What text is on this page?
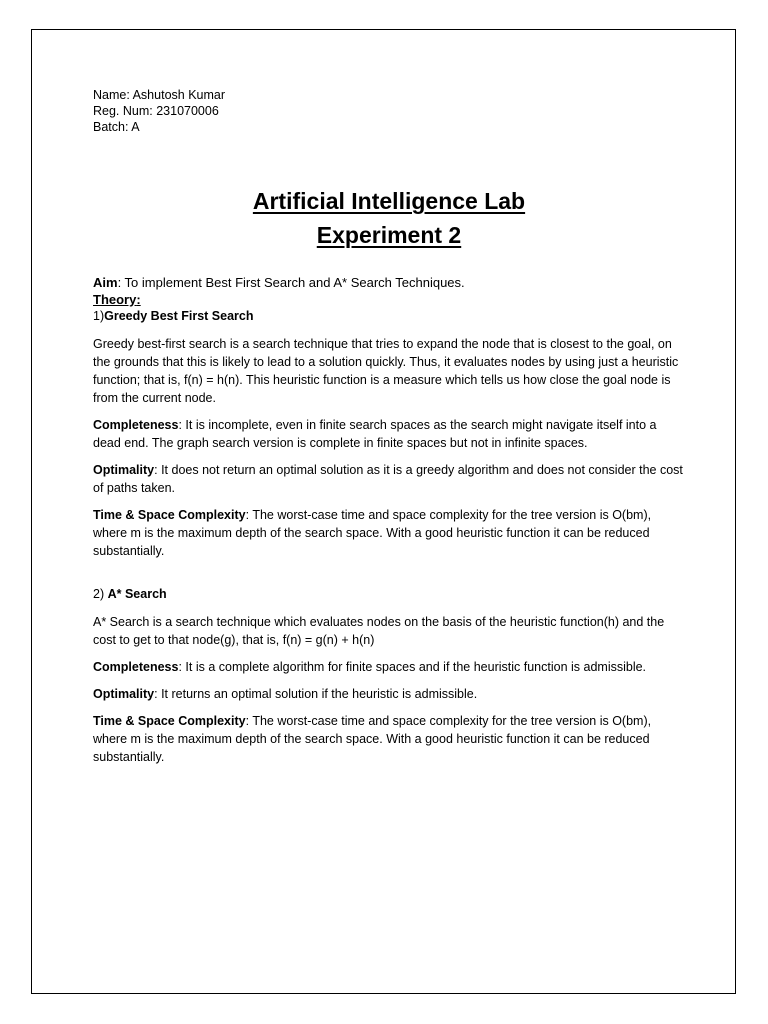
Name: Ashutosh Kumar
Reg. Num: 231070006
Batch: A
Artificial Intelligence Lab
Experiment 2

Aim: To implement Best First Search and A* Search Techniques.

Theory:

1)Greedy Best First Search

Greedy best-first search is a search technique that tries to expand the node that is closest to the goal, on the grounds that this is likely to lead to a solution quickly. Thus, it evaluates nodes by using just a heuristic function; that is, f(n) = h(n). This heuristic function is a measure which tells us how close the goal node is from the current node.

Completeness: It is incomplete, even in finite search spaces as the search might navigate itself into a dead end. The graph search version is complete in finite spaces but not in infinite spaces.

Optimality: It does not return an optimal solution as it is a greedy algorithm and does not consider the cost of paths taken.

Time & Space Complexity: The worst-case time and space complexity for the tree version is O(bm), where m is the maximum depth of the search space. With a good heuristic function it can be reduced substantially.

2) A* Search

A* Search is a search technique which evaluates nodes on the basis of the heuristic function(h) and the cost to get to that node(g), that is, f(n) = g(n) + h(n)

Completeness: It is a complete algorithm for finite spaces and if the heuristic function is admissible.

Optimality: It returns an optimal solution if the heuristic is admissible.

Time & Space Complexity: The worst-case time and space complexity for the tree version is O(bm), where m is the maximum depth of the search space. With a good heuristic function it can be reduced substantially.
